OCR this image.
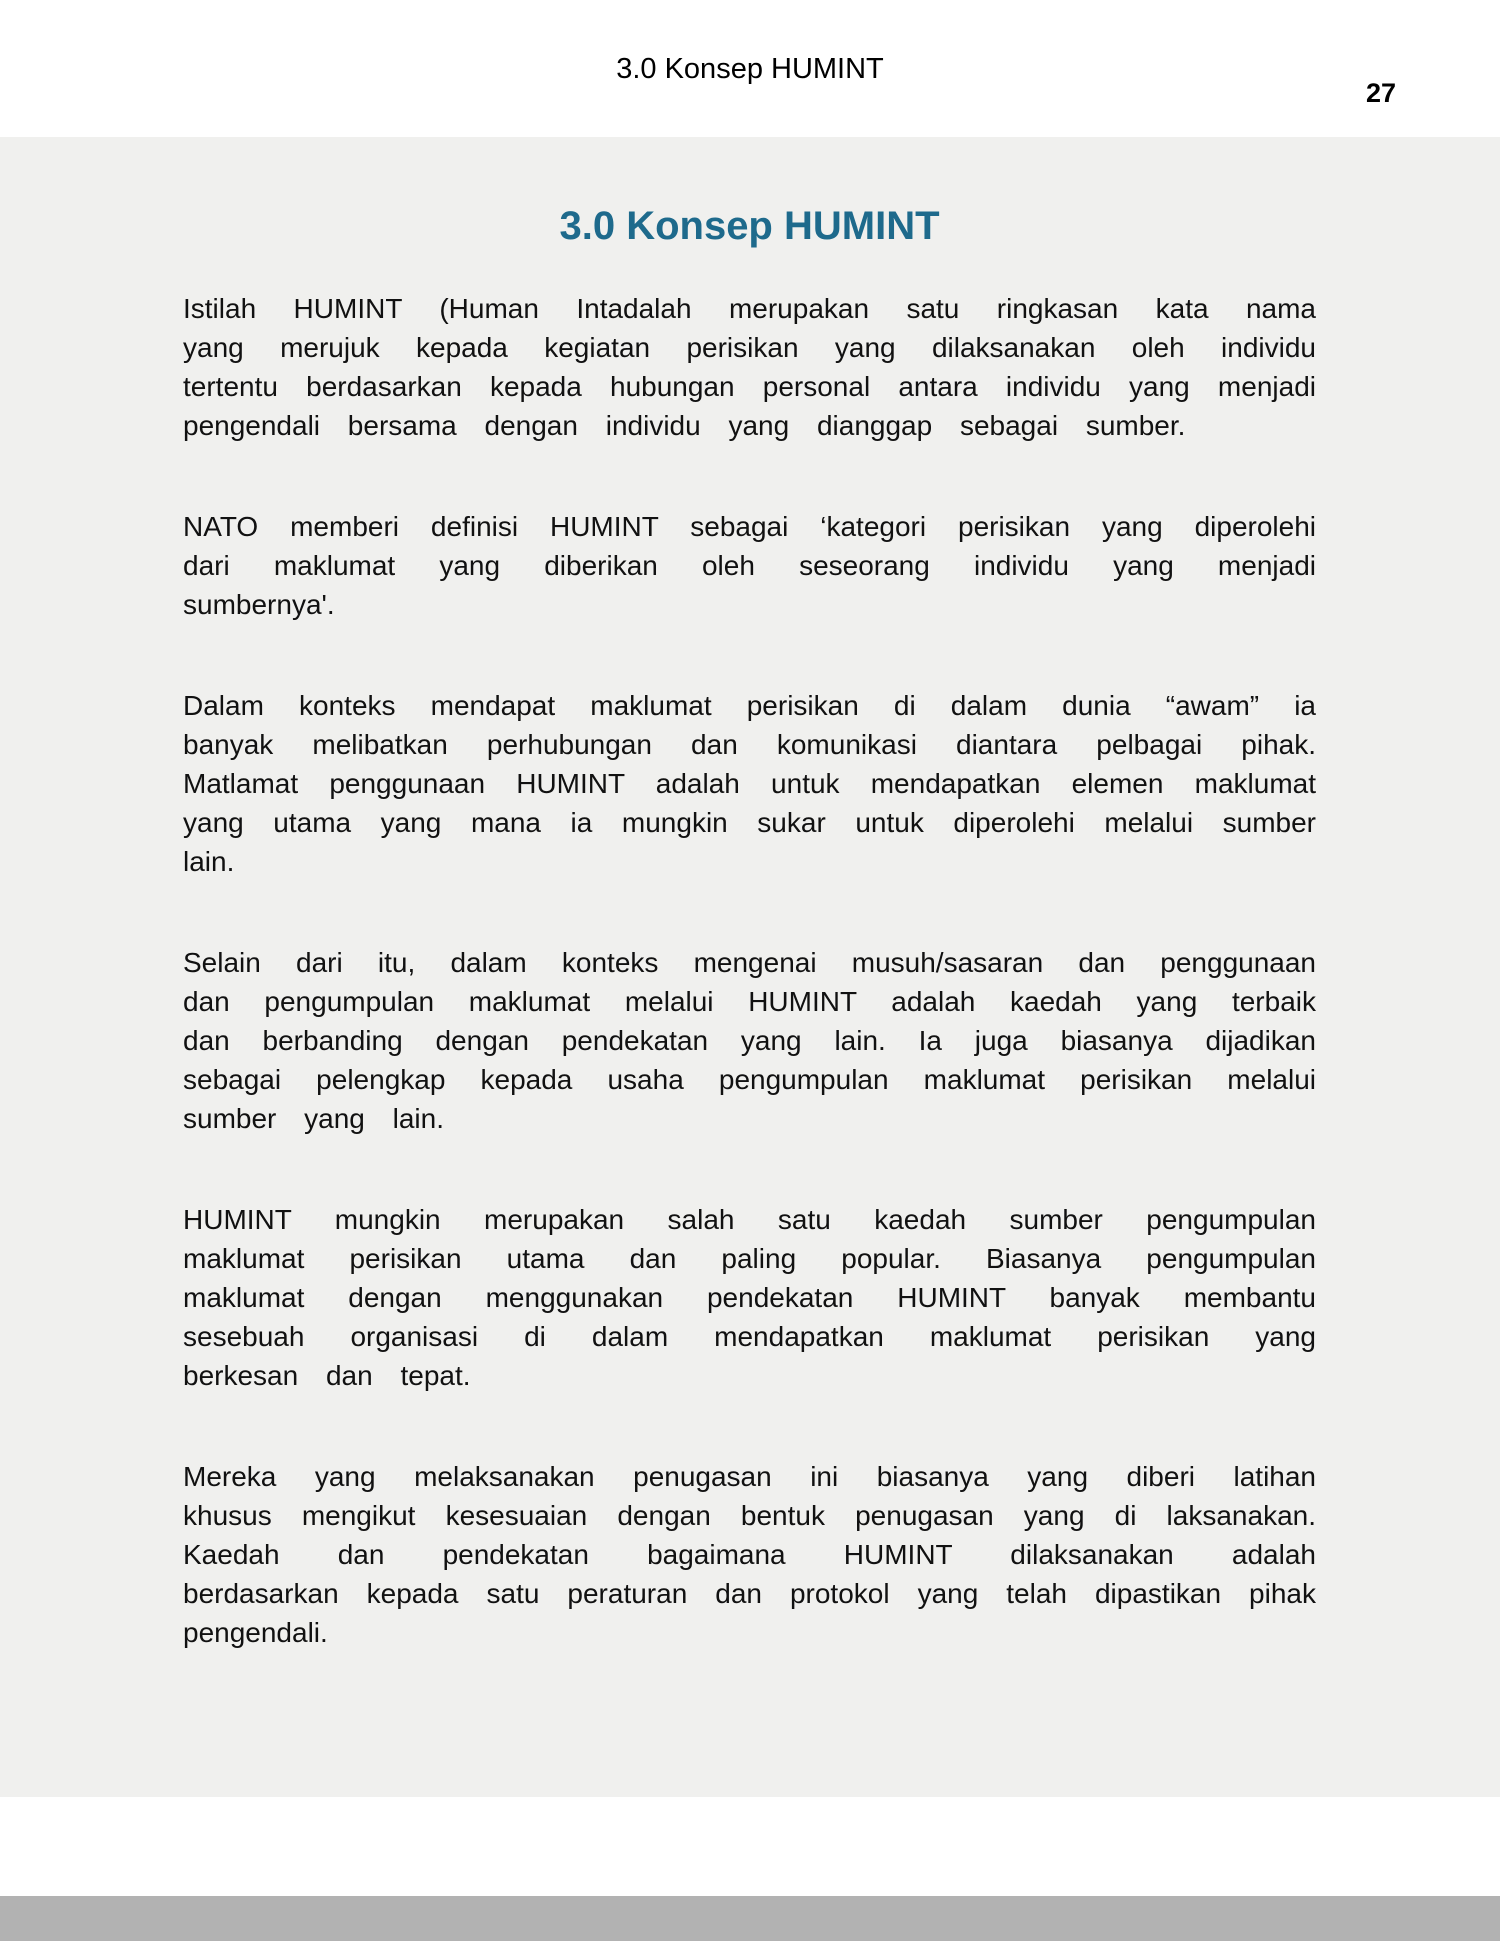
3.0 Konsep HUMINT
27
3.0 Konsep HUMINT

Istilah HUMINT (Human Intadalah merupakan satu ringkasan kata nama yang merujuk kepada kegiatan perisikan yang dilaksanakan oleh individu tertentu berdasarkan kepada hubungan personal antara individu yang menjadi pengendali bersama dengan individu yang dianggap sebagai sumber.

NATO memberi definisi HUMINT sebagai ‘kategori perisikan yang diperolehi dari maklumat yang diberikan oleh seseorang individu yang menjadi sumbernya'.

Dalam konteks mendapat maklumat perisikan di dalam dunia “awam” ia banyak melibatkan perhubungan dan komunikasi diantara pelbagai pihak. Matlamat penggunaan HUMINT adalah untuk mendapatkan elemen maklumat yang utama yang mana ia mungkin sukar untuk diperolehi melalui sumber lain.

Selain dari itu, dalam konteks mengenai musuh/sasaran dan penggunaan dan pengumpulan maklumat melalui HUMINT adalah kaedah yang terbaik dan berbanding dengan pendekatan yang lain. Ia juga biasanya dijadikan sebagai pelengkap kepada usaha pengumpulan maklumat perisikan melalui sumber yang lain.

HUMINT mungkin merupakan salah satu kaedah sumber pengumpulan maklumat perisikan utama dan paling popular. Biasanya pengumpulan maklumat dengan menggunakan pendekatan HUMINT banyak membantu sesebuah organisasi di dalam mendapatkan maklumat perisikan yang berkesan dan tepat.

Mereka yang melaksanakan penugasan ini biasanya yang diberi latihan khusus mengikut kesesuaian dengan bentuk penugasan yang di laksanakan. Kaedah dan pendekatan bagaimana HUMINT dilaksanakan adalah berdasarkan kepada satu peraturan dan protokol yang telah dipastikan pihak pengendali.
